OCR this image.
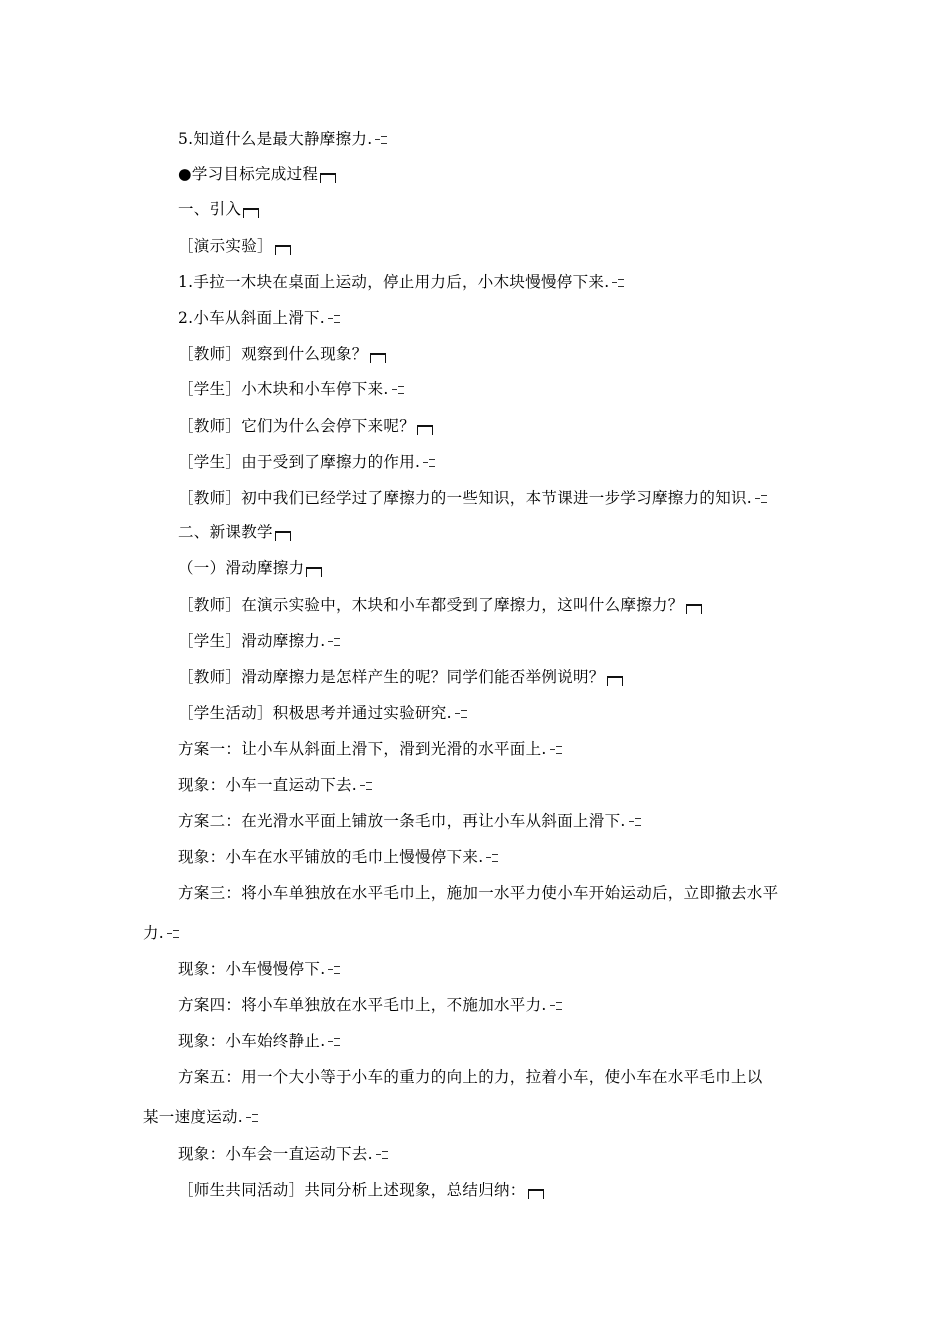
5.知道什么是最大静摩擦力.
●学习目标完成过程
一、引入
［演示实验］
1.手拉一木块在桌面上运动，停止用力后，小木块慢慢停下来.
2.小车从斜面上滑下.
［教师］观察到什么现象？
［学生］小木块和小车停下来.
［教师］它们为什么会停下来呢？
［学生］由于受到了摩擦力的作用.
［教师］初中我们已经学过了摩擦力的一些知识，本节课进一步学习摩擦力的知识.
二、新课教学
（一）滑动摩擦力
［教师］在演示实验中，木块和小车都受到了摩擦力，这叫什么摩擦力？
［学生］滑动摩擦力.
［教师］滑动摩擦力是怎样产生的呢？同学们能否举例说明？
［学生活动］积极思考并通过实验研究.
方案一：让小车从斜面上滑下，滑到光滑的水平面上.
现象：小车一直运动下去.
方案二：在光滑水平面上铺放一条毛巾，再让小车从斜面上滑下.
现象：小车在水平铺放的毛巾上慢慢停下来.
方案三：将小车单独放在水平毛巾上，施加一水平力使小车开始运动后，立即撤去水平
力.
现象：小车慢慢停下.
方案四：将小车单独放在水平毛巾上，不施加水平力.
现象：小车始终静止.
方案五：用一个大小等于小车的重力的向上的力，拉着小车，使小车在水平毛巾上以
某一速度运动.
现象：小车会一直运动下去.
［师生共同活动］共同分析上述现象，总结归纳：
